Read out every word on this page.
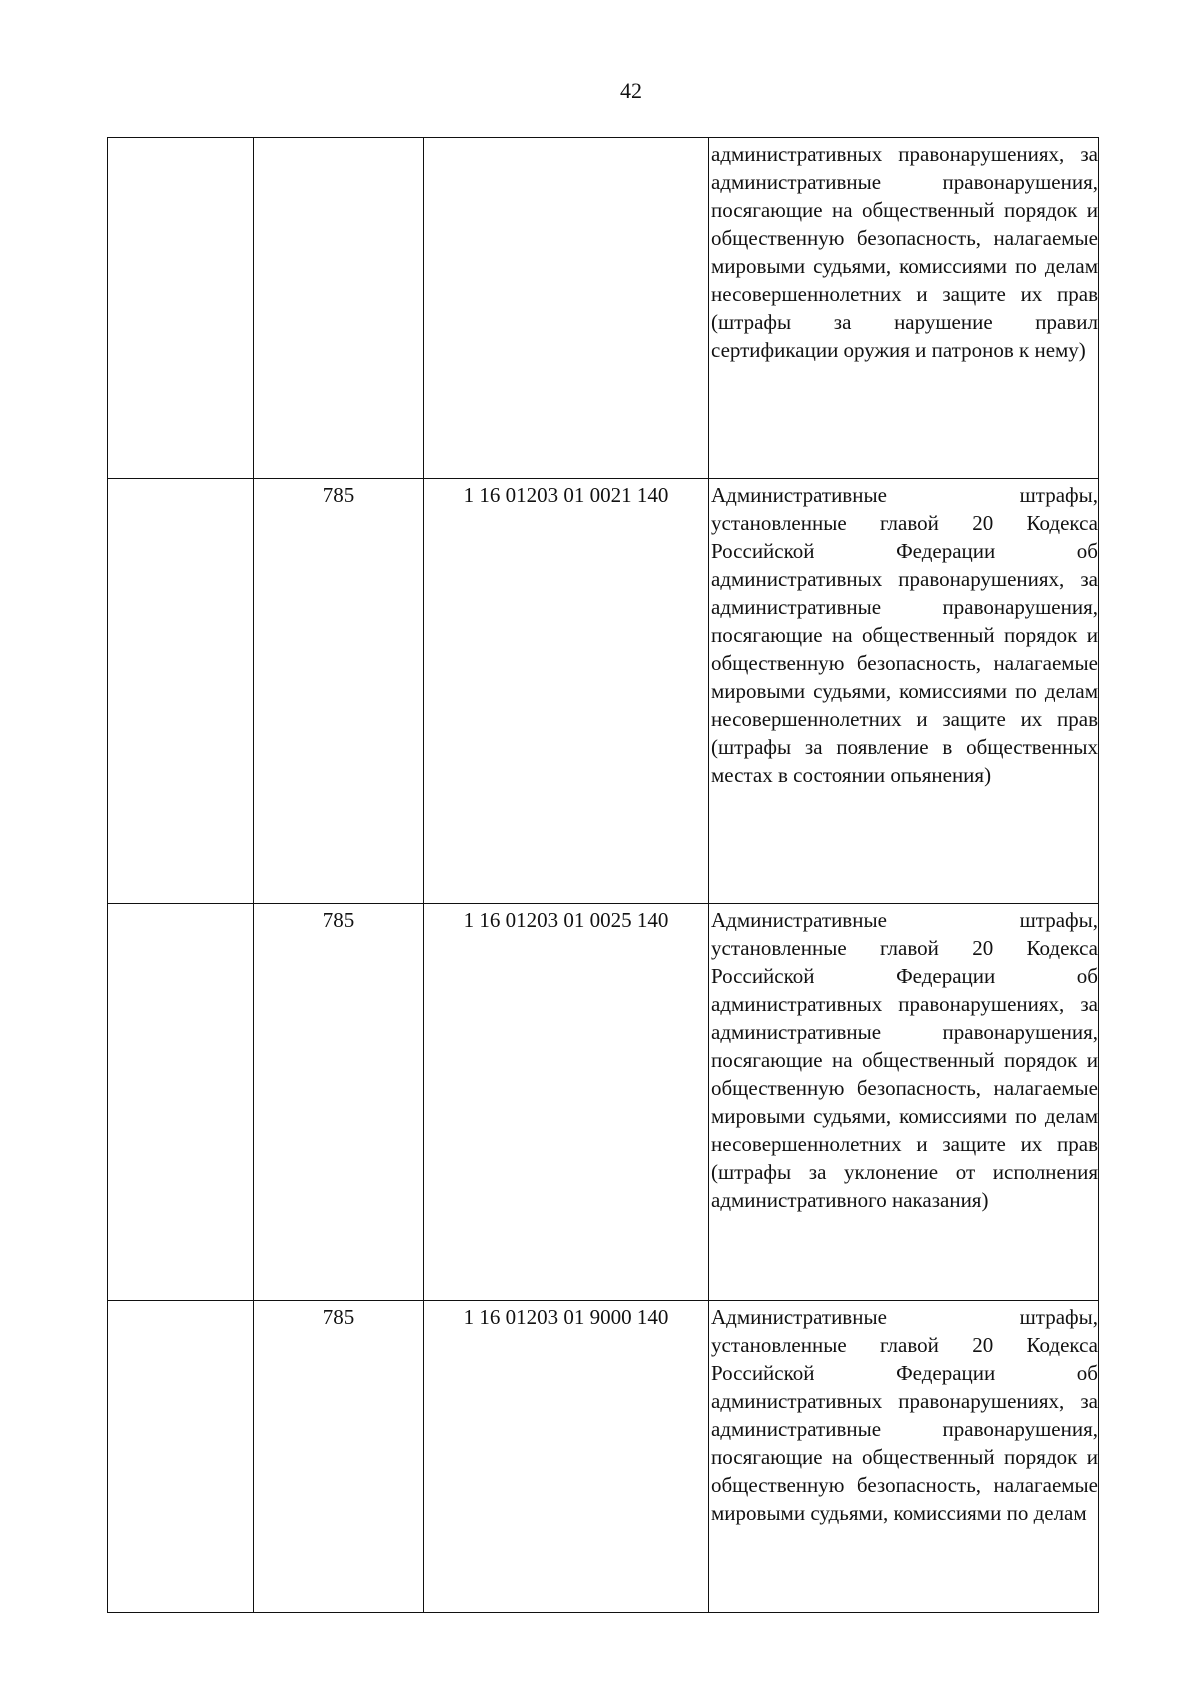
42

			административных правонарушениях, за административные правонарушения, посягающие на общественный порядок и общественную безопасность, налагаемые мировыми судьями, комиссиями по делам несовершеннолетних и защите их прав (штрафы за нарушение правил сертификации оружия и патронов к нему)

	785	1 16 01203 01 0021 140	Административные штрафы, установленные главой 20 Кодекса Российской Федерации об административных правонарушениях, за административные правонарушения, посягающие на общественный порядок и общественную безопасность, налагаемые мировыми судьями, комиссиями по делам несовершеннолетних и защите их прав (штрафы за появление в общественных местах в состоянии опьянения)

	785	1 16 01203 01 0025 140	Административные штрафы, установленные главой 20 Кодекса Российской Федерации об административных правонарушениях, за административные правонарушения, посягающие на общественный порядок и общественную безопасность, налагаемые мировыми судьями, комиссиями по делам несовершеннолетних и защите их прав (штрафы за уклонение от исполнения административного наказания)

	785	1 16 01203 01 9000 140	Административные штрафы, установленные главой 20 Кодекса Российской Федерации об административных правонарушениях, за административные правонарушения, посягающие на общественный порядок и общественную безопасность, налагаемые мировыми судьями, комиссиями по делам
